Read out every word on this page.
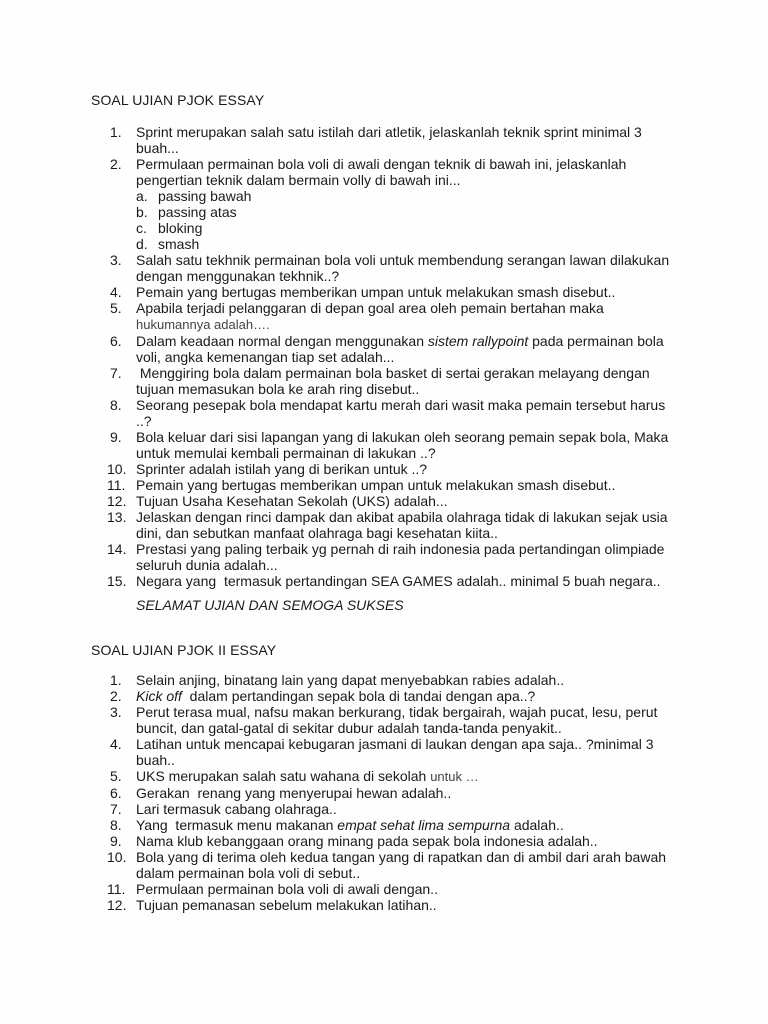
SOAL UJIAN PJOK ESSAY
1.	Sprint merupakan salah satu istilah dari atletik, jelaskanlah teknik sprint minimal 3 buah...
2.	Permulaan permainan bola voli di awali dengan teknik di bawah ini, jelaskanlah pengertian teknik dalam bermain volly di bawah ini...
a. passing bawah
b. passing atas
c. bloking
d. smash
3.	Salah satu tekhnik permainan bola voli untuk membendung serangan lawan dilakukan dengan menggunakan tekhnik..?
4.	Pemain yang bertugas memberikan umpan untuk melakukan smash disebut..
5.	Apabila terjadi pelanggaran di depan goal area oleh pemain bertahan maka
hukumannya adalah….
6.	Dalam keadaan normal dengan menggunakan sistem rallypoint pada permainan bola voli, angka kemenangan tiap set adalah...
7.	Menggiring bola dalam permainan bola basket di sertai gerakan melayang dengan tujuan memasukan bola ke arah ring disebut..
8.	Seorang pesepak bola mendapat kartu merah dari wasit maka pemain tersebut harus ..?
9.	Bola keluar dari sisi lapangan yang di lakukan oleh seorang pemain sepak bola, Maka untuk memulai kembali permainan di lakukan ..?
10. Sprinter adalah istilah yang di berikan untuk ..?
11. Pemain yang bertugas memberikan umpan untuk melakukan smash disebut..
12. Tujuan Usaha Kesehatan Sekolah (UKS) adalah...
13. Jelaskan dengan rinci dampak dan akibat apabila olahraga tidak di lakukan sejak usia dini, dan sebutkan manfaat olahraga bagi kesehatan kiita..
14. Prestasi yang paling terbaik yg pernah di raih indonesia pada pertandingan olimpiade seluruh dunia adalah...
15. Negara yang  termasuk pertandingan SEA GAMES adalah.. minimal 5 buah negara..
SELAMAT UJIAN DAN SEMOGA SUKSES
SOAL UJIAN PJOK II ESSAY
1.	Selain anjing, binatang lain yang dapat menyebabkan rabies adalah..
2.	Kick off  dalam pertandingan sepak bola di tandai dengan apa..?
3.	Perut terasa mual, nafsu makan berkurang, tidak bergairah, wajah pucat, lesu, perut buncit, dan gatal-gatal di sekitar dubur adalah tanda-tanda penyakit..
4.	Latihan untuk mencapai kebugaran jasmani di laukan dengan apa saja.. ?minimal 3 buah..
5.	UKS merupakan salah satu wahana di sekolah untuk …
6.	Gerakan  renang yang menyerupai hewan adalah..
7.	Lari termasuk cabang olahraga..
8.	Yang  termasuk menu makanan empat sehat lima sempurna adalah..
9.	Nama klub kebanggaan orang minang pada sepak bola indonesia adalah..
10. Bola yang di terima oleh kedua tangan yang di rapatkan dan di ambil dari arah bawah dalam permainan bola voli di sebut..
11. Permulaan permainan bola voli di awali dengan..
12. Tujuan pemanasan sebelum melakukan latihan..
